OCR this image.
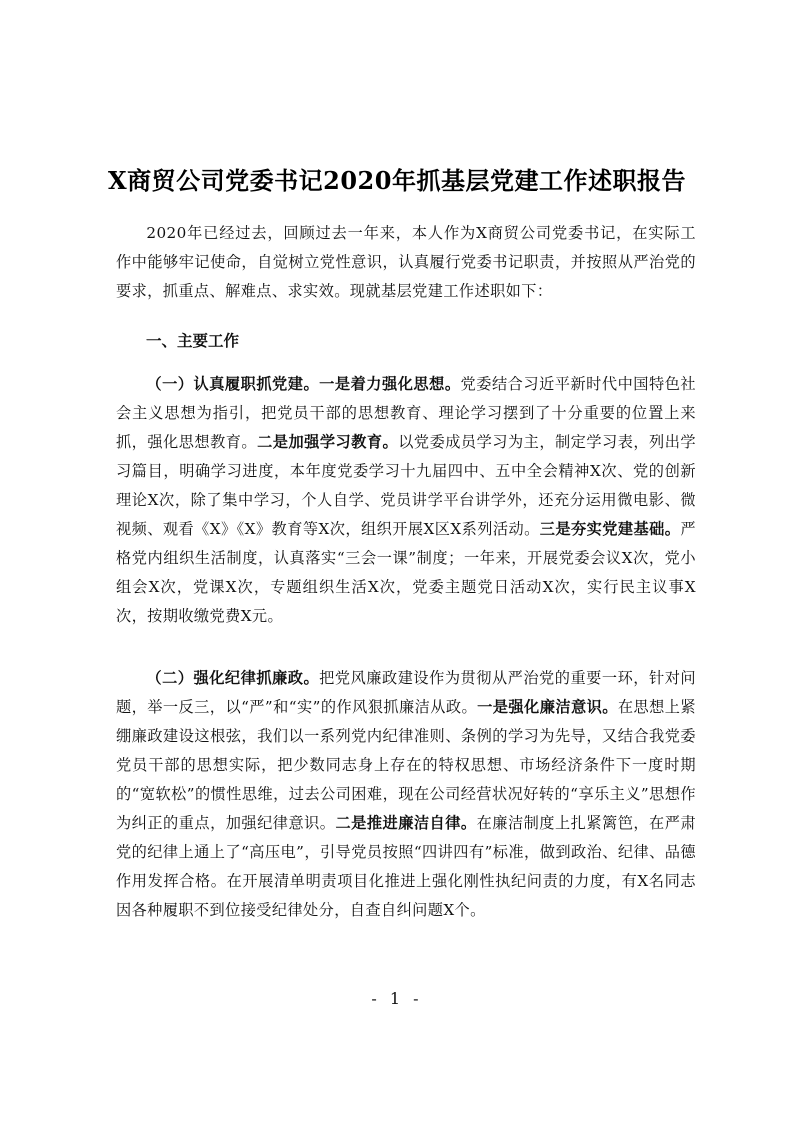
X商贸公司党委书记2020年抓基层党建工作述职报告
2020年已经过去，回顾过去一年来，本人作为X商贸公司党委书记，在实际工作中能够牢记使命，自觉树立党性意识，认真履行党委书记职责，并按照从严治党的要求，抓重点、解难点、求实效。现就基层党建工作述职如下：
一、主要工作
（一）认真履职抓党建。一是着力强化思想。党委结合习近平新时代中国特色社会主义思想为指引，把党员干部的思想教育、理论学习摆到了十分重要的位置上来抓，强化思想教育。二是加强学习教育。以党委成员学习为主，制定学习表，列出学习篇目，明确学习进度，本年度党委学习十九届四中、五中全会精神X次、党的创新理论X次，除了集中学习，个人自学、党员讲学平台讲学外，还充分运用微电影、微视频、观看《X》《X》教育等X次，组织开展X区X系列活动。三是夯实党建基础。严格党内组织生活制度，认真落实“三会一课”制度；一年来，开展党委会议X次，党小组会X次，党课X次，专题组织生活X次，党委主题党日活动X次，实行民主议事X次，按期收缴党费X元。
（二）强化纪律抓廉政。把党风廉政建设作为贯彻从严治党的重要一环，针对问题，举一反三，以“严”和“实”的作风狠抓廉洁从政。一是强化廉洁意识。在思想上紧绷廉政建设这根弦，我们以一系列党内纪律准则、条例的学习为先导，又结合我党委党员干部的思想实际，把少数同志身上存在的特权思想、市场经济条件下一度时期的“宽软松”的惯性思维，过去公司困难，现在公司经营状况好转的“享乐主义”思想作为纠正的重点，加强纪律意识。二是推进廉洁自律。在廉洁制度上扎紧篱笆，在严肃党的纪律上通上了“高压电”，引导党员按照“四讲四有”标准，做到政治、纪律、品德作用发挥合格。在开展清单明责项目化推进上强化刚性执纪问责的力度，有X名同志因各种履职不到位接受纪律处分，自查自纠问题X个。
- 1 -
